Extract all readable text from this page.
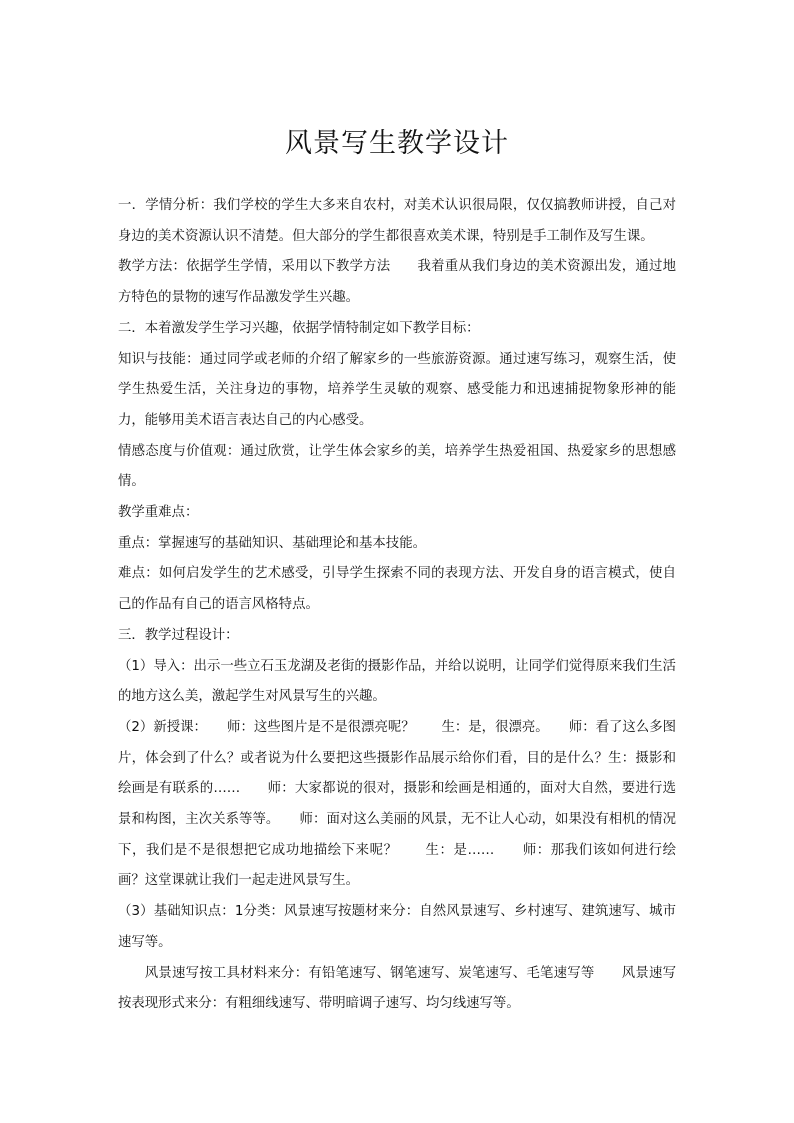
风景写生教学设计

一．学情分析：我们学校的学生大多来自农村，对美术认识很局限，仅仅搞教师讲授，自己对身边的美术资源认识不清楚。但大部分的学生都很喜欢美术课，特别是手工制作及写生课。

教学方法：依据学生学情，采用以下教学方法　　我着重从我们身边的美术资源出发，通过地方特色的景物的速写作品激发学生兴趣。

二．本着激发学生学习兴趣，依据学情特制定如下教学目标：

知识与技能：通过同学或老师的介绍了解家乡的一些旅游资源。通过速写练习，观察生活，使学生热爱生活，关注身边的事物，培养学生灵敏的观察、感受能力和迅速捕捉物象形神的能力，能够用美术语言表达自己的内心感受。

情感态度与价值观：通过欣赏，让学生体会家乡的美，培养学生热爱祖国、热爱家乡的思想感情。

教学重难点：

重点：掌握速写的基础知识、基础理论和基本技能。

难点：如何启发学生的艺术感受，引导学生探索不同的表现方法、开发自身的语言模式，使自己的作品有自己的语言风格特点。

三．教学过程设计：

（1）导入：出示一些立石玉龙湖及老街的摄影作品，并给以说明，让同学们觉得原来我们生活的地方这么美，激起学生对风景写生的兴趣。

（2）新授课：　　师：这些图片是不是很漂亮呢？　　生：是，很漂亮。　　师：看了这么多图片，体会到了什么？或者说为什么要把这些摄影作品展示给你们看，目的是什么？生：摄影和绘画是有联系的……　　师：大家都说的很对，摄影和绘画是相通的，面对大自然，要进行选景和构图，主次关系等等。　　师：面对这么美丽的风景，无不让人心动，如果没有相机的情况下，我们是不是很想把它成功地描绘下来呢？　　生：是……　　师：那我们该如何进行绘画？这堂课就让我们一起走进风景写生。

（3）基础知识点：1分类：风景速写按题材来分：自然风景速写、乡村速写、建筑速写、城市速写等。

风景速写按工具材料来分：有铅笔速写、钢笔速写、炭笔速写、毛笔速写等　　风景速写按表现形式来分：有粗细线速写、带明暗调子速写、均匀线速写等。
